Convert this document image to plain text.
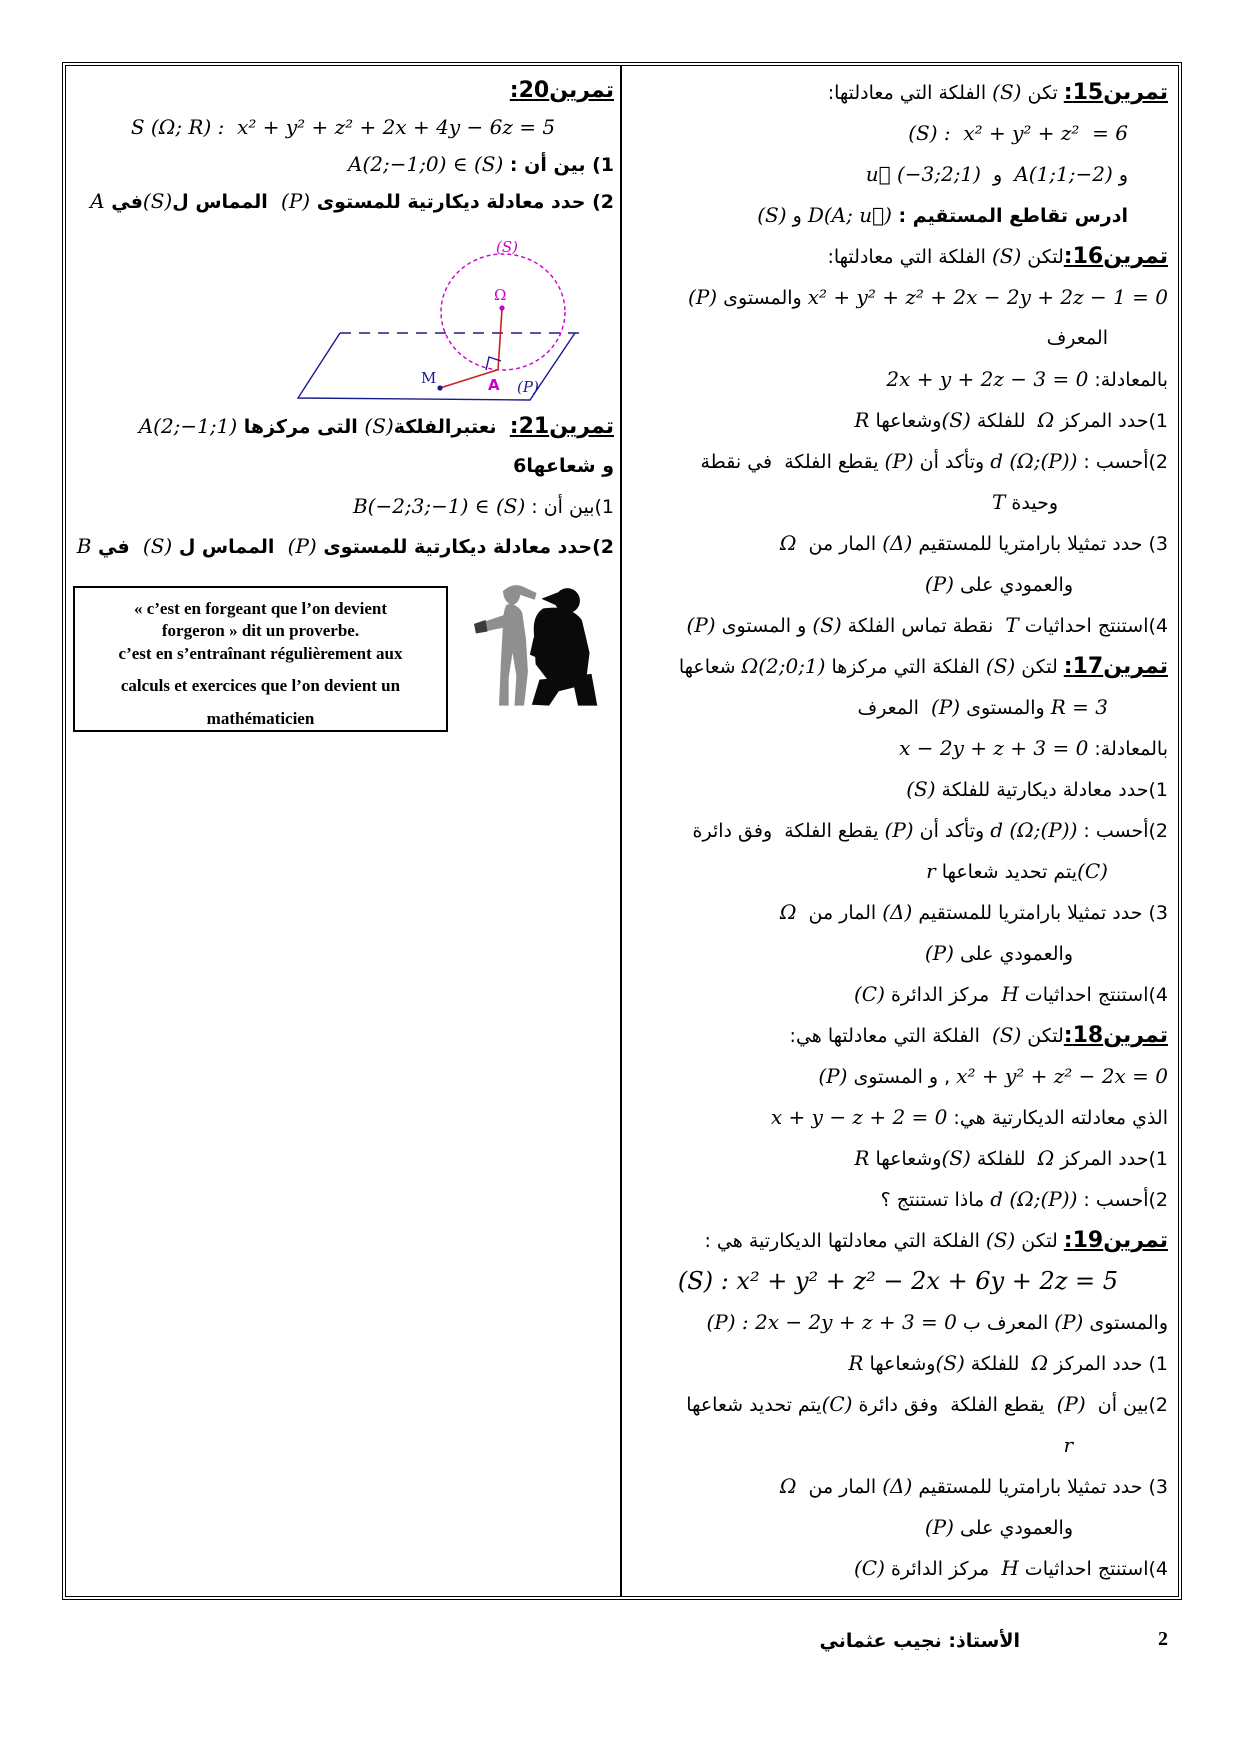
تمرين20:
S (Ω; R) :  x² + y² + z² + 2x + 4y − 6z = 5
1) بين أن : A(2;−1;0) ∈ (S)
2) حدد معادلة ديكارتية للمستوى (P)  المماس ل(S)في A
(S)
Ω
M	A (P)
تمرين21:  نعتبرالفلكة(S) التى مركزها A(2;−1;1)
و شعاعها6
1)بين أن : B(−2;3;−1) ∈ (S)
2)حدد معادلة ديكارتية للمستوى (P)  المماس ل (S)  في B
« c’est en forgeant que l’on devient
forgeron » dit un proverbe.
c’est en s’entraînant régulièrement aux
calculs et exercices que l’on devient un
mathématicien
تمرين15: تكن (S) الفلكة التي معادلتها:
(S) :  x² + y² + z²  = 6
و A(1;1;−2)  و  u⃗ (−3;2;1)
ادرس تقاطع المستقيم : D(A; u⃗) و (S)
تمرين16:لتكن (S) الفلكة التي معادلتها:
x² + y² + z² + 2x − 2y + 2z − 1 = 0 والمستوى (P)
المعرف
بالمعادلة: 2x + y + 2z − 3 = 0
1)حدد المركز Ω  للفلكة (S)وشعاعها R
2)أحسب : d (Ω;(P)) وتأكد أن (P) يقطع الفلكة  في نقطة
وحيدة T
3) حدد تمثيلا بارامتريا للمستقيم (Δ) المار من  Ω
والعمودي على (P)
4)استنتج احداثيات T  نقطة تماس الفلكة (S) و المستوى (P)
تمرين17: لتكن (S) الفلكة التي مركزها Ω(2;0;1) شعاعها
R = 3 والمستوى (P)  المعرف
بالمعادلة: x − 2y + z + 3 = 0
1)حدد معادلة ديكارتية للفلكة (S)
2)أحسب : d (Ω;(P)) وتأكد أن (P) يقطع الفلكة  وفق دائرة
(C)يتم تحديد شعاعها r
3) حدد تمثيلا بارامتريا للمستقيم (Δ) المار من  Ω
والعمودي على (P)
4)استنتج احداثيات H  مركز الدائرة (C)
تمرين18:لتكن (S)  الفلكة التي معادلتها هي:
x² + y² + z² − 2x = 0 , و المستوى (P)
الذي معادلته الديكارتية هي: x + y − z + 2 = 0
1)حدد المركز Ω  للفلكة (S)وشعاعها R
2)أحسب : d (Ω;(P)) ماذا تستنتج ؟
تمرين19: لتكن (S) الفلكة التي معادلتها الديكارتية هي :
(S) : x² + y² + z² − 2x + 6y + 2z = 5
والمستوى (P) المعرف ب (P) : 2x − 2y + z + 3 = 0
1) حدد المركز Ω  للفلكة (S)وشعاعها R
2)بين أن  (P)  يقطع الفلكة  وفق دائرة (C)يتم تحديد شعاعها
r
3) حدد تمثيلا بارامتريا للمستقيم (Δ) المار من  Ω
والعمودي على (P)
4)استنتج احداثيات H  مركز الدائرة (C)
الأستاذ: نجيب عثماني	2
